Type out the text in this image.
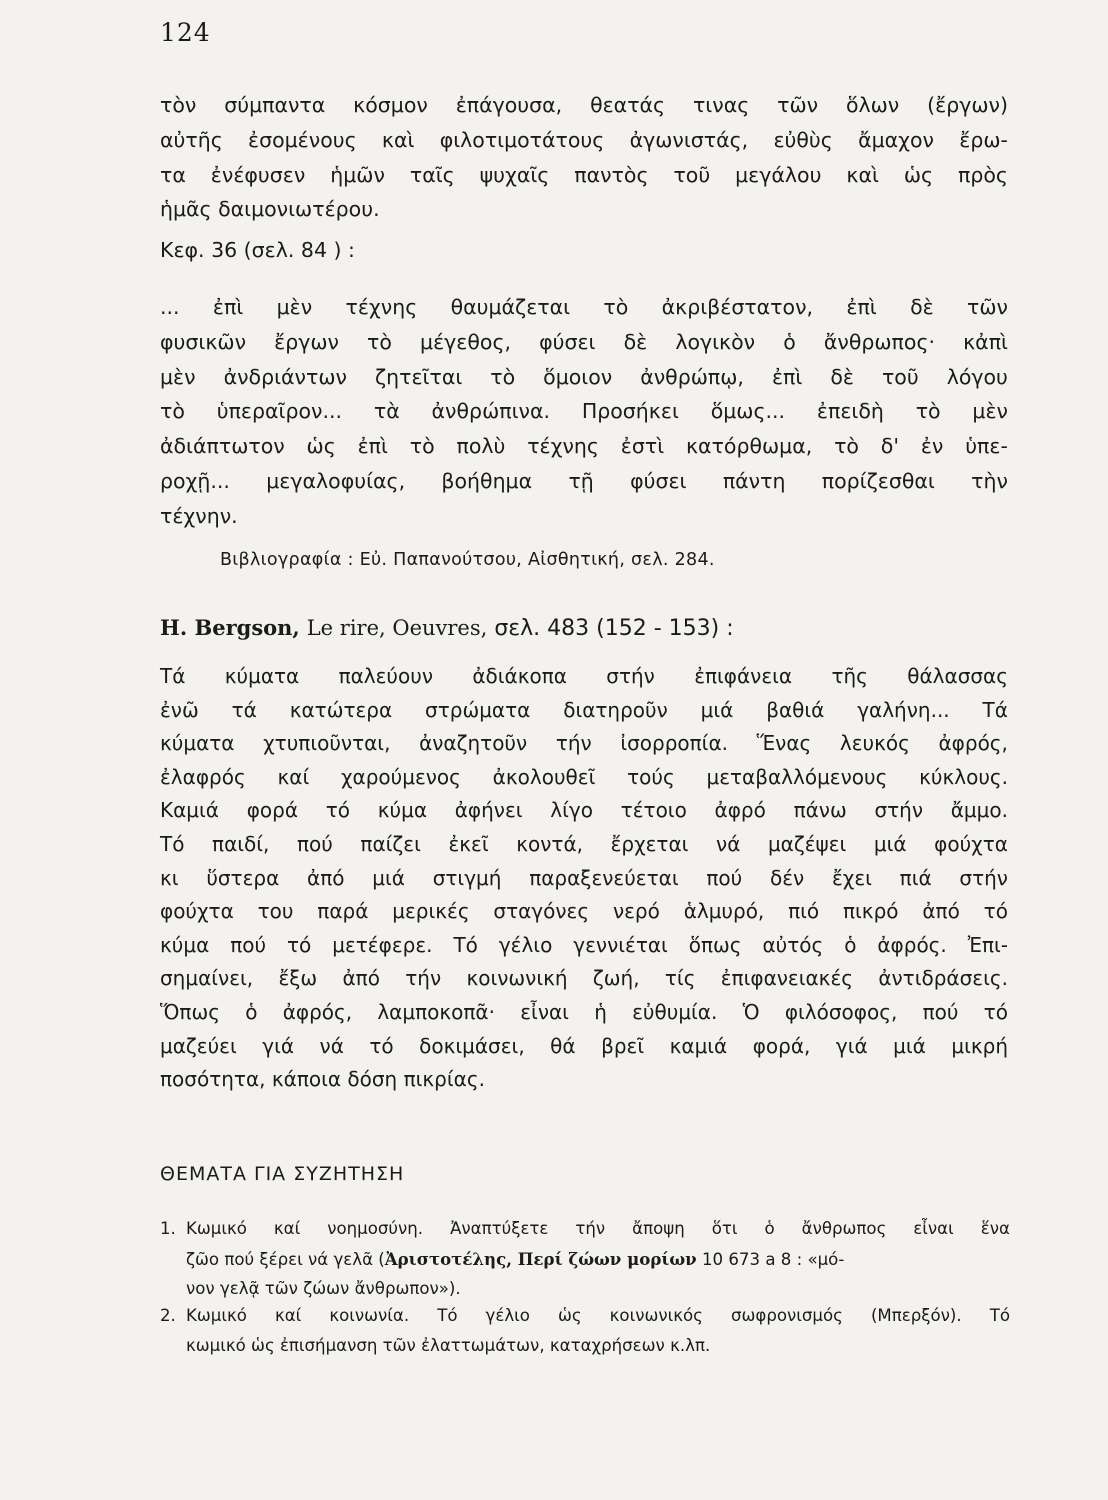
124
τὸν σύμπαντα κόσμον ἐπάγουσα, θεατάς τινας τῶν ὅλων (ἔργων)
αὐτῆς ἐσομένους καὶ φιλοτιμοτάτους ἀγωνιστάς, εὐθὺς ἄμαχον ἔρω-
τα ἐνέφυσεν ἡμῶν ταῖς ψυχαῖς παντὸς τοῦ μεγάλου καὶ ὡς πρὸς
ἡμᾶς δαιμονιωτέρου.
Κεφ. 36 (σελ. 84 ) :
... ἐπὶ μὲν τέχνης θαυμάζεται τὸ ἀκριβέστατον, ἐπὶ δὲ τῶν
φυσικῶν ἔργων τὸ μέγεθος, φύσει δὲ λογικὸν ὁ ἄνθρωπος· κἀπὶ
μὲν ἀνδριάντων ζητεῖται τὸ ὅμοιον ἀνθρώπῳ, ἐπὶ δὲ τοῦ λόγου
τὸ ὑπεραῖρον... τὰ ἀνθρώπινα. Προσήκει ὅμως... ἐπειδὴ τὸ μὲν
ἀδιάπτωτον ὡς ἐπὶ τὸ πολὺ τέχνης ἐστὶ κατόρθωμα, τὸ δ' ἐν ὑπε-
ροχῇ... μεγαλοφυίας, βοήθημα τῇ φύσει πάντη πορίζεσθαι τὴν
τέχνην.
Βιβλιογραφία : Εὐ. Παπανούτσου, Αἰσθητική, σελ. 284.
H. Bergson, Le rire, Oeuvres, σελ. 483 (152 - 153) :
Τά κύματα παλεύουν ἀδιάκοπα στήν ἐπιφάνεια τῆς θάλασσας
ἐνῶ τά κατώτερα στρώματα διατηροῦν μιά βαθιά γαλήνη... Τά
κύματα χτυπιοῦνται, ἀναζητοῦν τήν ἰσορροπία. Ἕνας λευκός ἀφρός,
ἐλαφρός καί χαρούμενος ἀκολουθεῖ τούς μεταβαλλόμενους κύκλους.
Καμιά φορά τό κύμα ἀφήνει λίγο τέτοιο ἀφρό πάνω στήν ἄμμο.
Τό παιδί, πού παίζει ἐκεῖ κοντά, ἔρχεται νά μαζέψει μιά φούχτα
κι ὕστερα ἀπό μιά στιγμή παραξενεύεται πού δέν ἔχει πιά στήν
φούχτα του παρά μερικές σταγόνες νερό ἁλμυρό, πιό πικρό ἀπό τό
κύμα πού τό μετέφερε. Τό γέλιο γεννιέται ὅπως αὐτός ὁ ἀφρός. Ἐπι-
σημαίνει, ἔξω ἀπό τήν κοινωνική ζωή, τίς ἐπιφανειακές ἀντιδράσεις.
Ὅπως ὁ ἀφρός, λαμποκοπᾶ· εἶναι ἡ εὐθυμία. Ὁ φιλόσοφος, πού τό
μαζεύει γιά νά τό δοκιμάσει, θά βρεῖ καμιά φορά, γιά μιά μικρή
ποσότητα, κάποια δόση πικρίας.
ΘΕΜΑΤΑ ΓΙΑ ΣΥΖΗΤΗΣΗ
1. Κωμικό καί νοημοσύνη. Ἀναπτύξετε τήν ἄποψη ὅτι ὁ ἄνθρωπος εἶναι ἕνα
ζῶο πού ξέρει νά γελᾶ (Ἀριστοτέλης, Περί ζώων μορίων 10 673 a 8 : «μό-
νον γελᾷ τῶν ζώων ἄνθρωπον»).
2. Κωμικό καί κοινωνία. Τό γέλιο ὡς κοινωνικός σωφρονισμός (Μπερξόν). Τό
κωμικό ὡς ἐπισήμανση τῶν ἐλαττωμάτων, καταχρήσεων κ.λπ.
